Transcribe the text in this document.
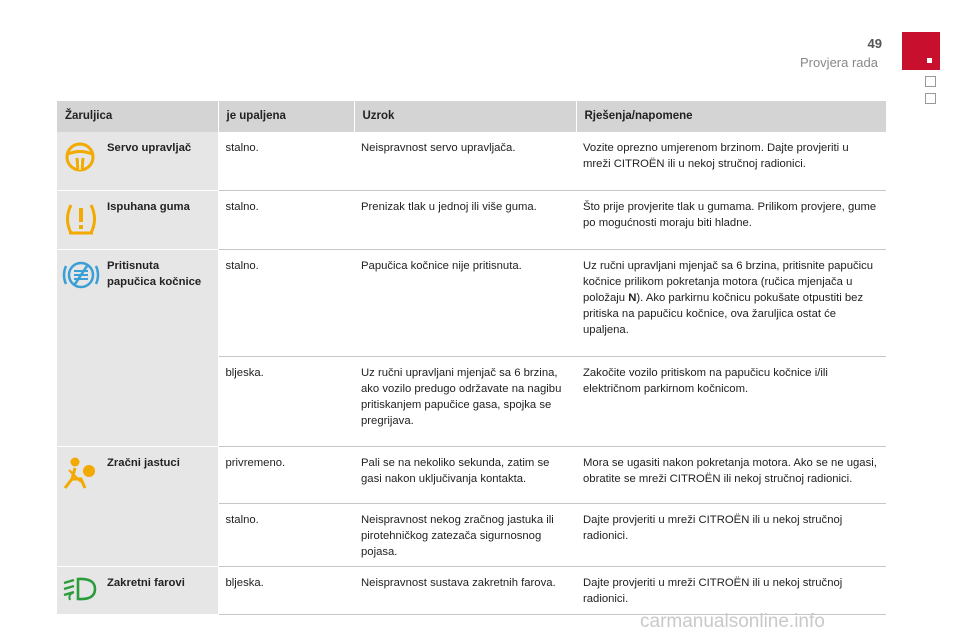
49
Provjera rada
Žaruljica		je upaljena	Uzrok	Rješenja/napomene

	Servo upravljač	stalno.	Neispravnost servo upravljača.	Vozite oprezno umjerenom brzinom. Dajte provjeriti u mreži CITROËN ili u nekoj stručnoj radionici.

	Ispuhana guma	stalno.	Prenizak tlak u jednoj ili više guma.	Što prije provjerite tlak u gumama. Prilikom provjere, gume po mogućnosti moraju biti hladne.

	Pritisnuta papučica kočnice	stalno.	Papučica kočnice nije pritisnuta.	Uz ručni upravljani mjenjač sa 6 brzina, pritisnite papučicu kočnice prilikom pokretanja motora (ručica mjenjača u položaju N). Ako parkirnu kočnicu pokušate otpustiti bez pritiska na papučicu kočnice, ova žaruljica ostat će upaljena.
		bljeska.	Uz ručni upravljani mjenjač sa 6 brzina, ako vozilo predugo održavate na nagibu pritiskanjem papučice gasa, spojka se pregrijava.	Zakočite vozilo pritiskom na papučicu kočnice i/ili električnom parkirnom kočnicom.

	Zračni jastuci	privremeno.	Pali se na nekoliko sekunda, zatim se gasi nakon uključivanja kontakta.	Mora se ugasiti nakon pokretanja motora. Ako se ne ugasi, obratite se mreži CITROËN ili nekoj stručnoj radionici.
		stalno.	Neispravnost nekog zračnog jastuka ili pirotehničkog zatezača sigurnosnog pojasa.	Dajte provjeriti u mreži CITROËN ili u nekoj stručnoj radionici.

	Zakretni farovi	bljeska.	Neispravnost sustava zakretnih farova.	Dajte provjeriti u mreži CITROËN ili u nekoj stručnoj radionici.
carmanualsonline.info
